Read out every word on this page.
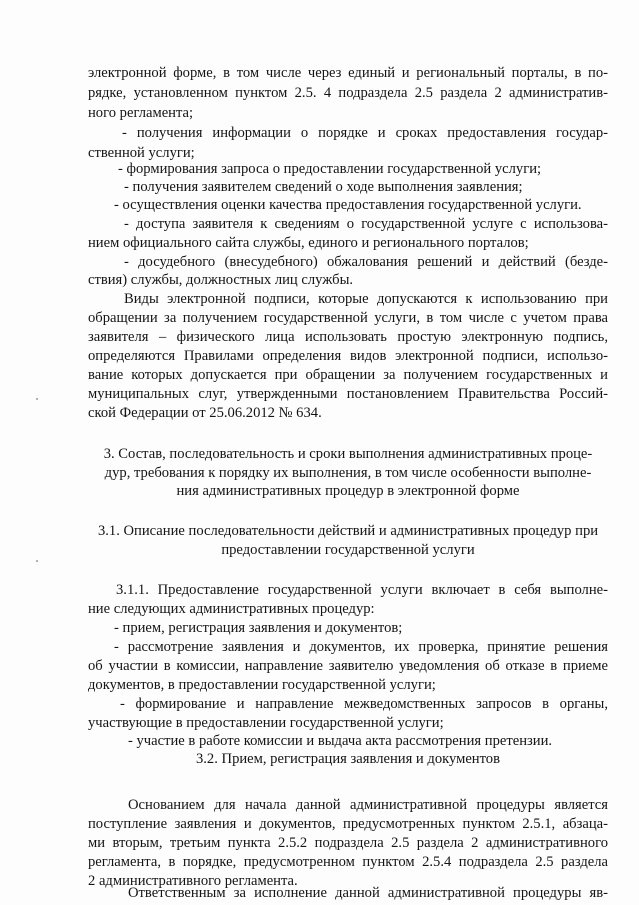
электронной форме, в том числе через единый и региональный порталы, в по-
рядке, установленном пунктом 2.5. 4 подраздела 2.5 раздела 2 административ-
ного регламента;
- получения информации о порядке и сроках предоставления государ-
ственной услуги;
- формирования запроса о предоставлении государственной услуги;
- получения заявителем сведений о ходе выполнения заявления;
- осуществления оценки качества предоставления государственной услуги.
- доступа заявителя к сведениям о государственной услуге с использова-
нием официального сайта службы, единого и регионального порталов;
- досудебного (внесудебного) обжалования решений и действий (безде-
ствия) службы, должностных лиц службы.
Виды электронной подписи, которые допускаются к использованию при
обращении за получением государственной услуги, в том числе с учетом права
заявителя – физического лица использовать простую электронную подпись,
определяются Правилами определения видов электронной подписи, использо-
вание которых допускается при обращении за получением государственных и
муниципальных слуг, утвержденными постановлением Правительства Россий-
ской Федерации от 25.06.2012 № 634.
3. Состав, последовательность и сроки выполнения административных проце-
дур, требования к порядку их выполнения, в том числе особенности выполне-
ния административных процедур в электронной форме
3.1. Описание последовательности действий и административных процедур при
предоставлении государственной услуги
3.1.1. Предоставление государственной услуги включает в себя выполне-
ние следующих административных процедур:
- прием, регистрация заявления и документов;
- рассмотрение заявления и документов, их проверка, принятие решения
об участии в комиссии, направление заявителю уведомления об отказе в приеме
документов, в предоставлении государственной услуги;
- формирование и направление межведомственных запросов в органы,
участвующие в предоставлении государственной услуги;
- участие в работе комиссии и выдача акта рассмотрения претензии.
3.2. Прием, регистрация заявления и документов
Основанием для начала данной административной процедуры является
поступление заявления и документов, предусмотренных пунктом 2.5.1, абзаца-
ми вторым, третьим пункта 2.5.2 подраздела 2.5 раздела 2 административного
регламента, в порядке, предусмотренном пунктом 2.5.4 подраздела 2.5 раздела
2 административного регламента.
Ответственным за исполнение данной административной процедуры яв-
